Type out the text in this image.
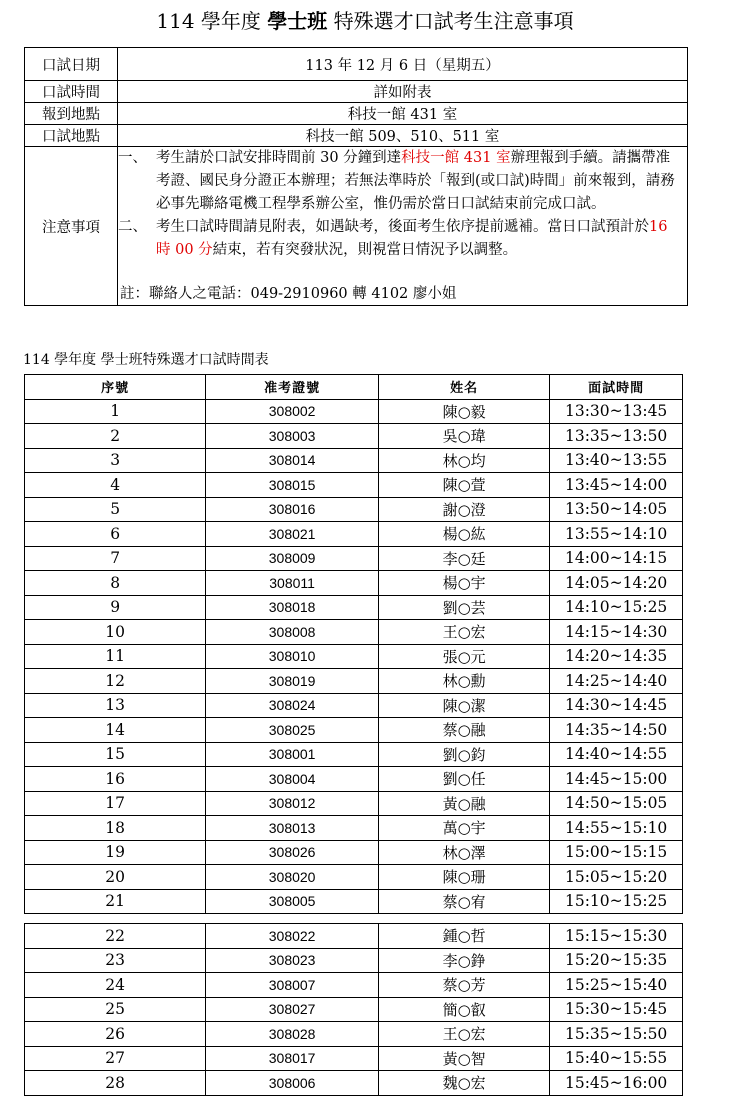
114 學年度 學士班 特殊選才口試考生注意事項
口試日期	113 年 12 月 6 日（星期五）
口試時間	詳如附表
報到地點	科技一館 431 室
口試地點	科技一館 509、510、511 室
注意事項	一、 考生請於口試安排時間前 30 分鐘到達科技一館 431 室辦理報到手續。請攜帶准考證、國民身分證正本辦理；若無法準時於「報到(或口試)時間」前來報到，請務必事先聯絡電機工程學系辦公室，惟仍需於當日口試結束前完成口試。
二、 考生口試時間請見附表，如遇缺考，後面考生依序提前遞補。當日口試預計於16 時 00 分結束，若有突發狀況，則視當日情況予以調整。
註：聯絡人之電話：049-2910960 轉 4102 廖小姐
114 學年度 學士班特殊選才口試時間表
序號	准考證號	姓名	面試時間
1	308002	陳○毅	13:30~13:45
2	308003	吳○瑋	13:35~13:50
3	308014	林○均	13:40~13:55
4	308015	陳○萱	13:45~14:00
5	308016	謝○澄	13:50~14:05
6	308021	楊○紘	13:55~14:10
7	308009	李○廷	14:00~14:15
8	308011	楊○宇	14:05~14:20
9	308018	劉○芸	14:10~15:25
10	308008	王○宏	14:15~14:30
11	308010	張○元	14:20~14:35
12	308019	林○勳	14:25~14:40
13	308024	陳○潔	14:30~14:45
14	308025	蔡○融	14:35~14:50
15	308001	劉○鈞	14:40~14:55
16	308004	劉○任	14:45~15:00
17	308012	黃○融	14:50~15:05
18	308013	萬○宇	14:55~15:10
19	308026	林○澤	15:00~15:15
20	308020	陳○珊	15:05~15:20
21	308005	蔡○宥	15:10~15:25
22	308022	鍾○哲	15:15~15:30
23	308023	李○錚	15:20~15:35
24	308007	蔡○芳	15:25~15:40
25	308027	簡○叡	15:30~15:45
26	308028	王○宏	15:35~15:50
27	308017	黃○智	15:40~15:55
28	308006	魏○宏	15:45~16:00
